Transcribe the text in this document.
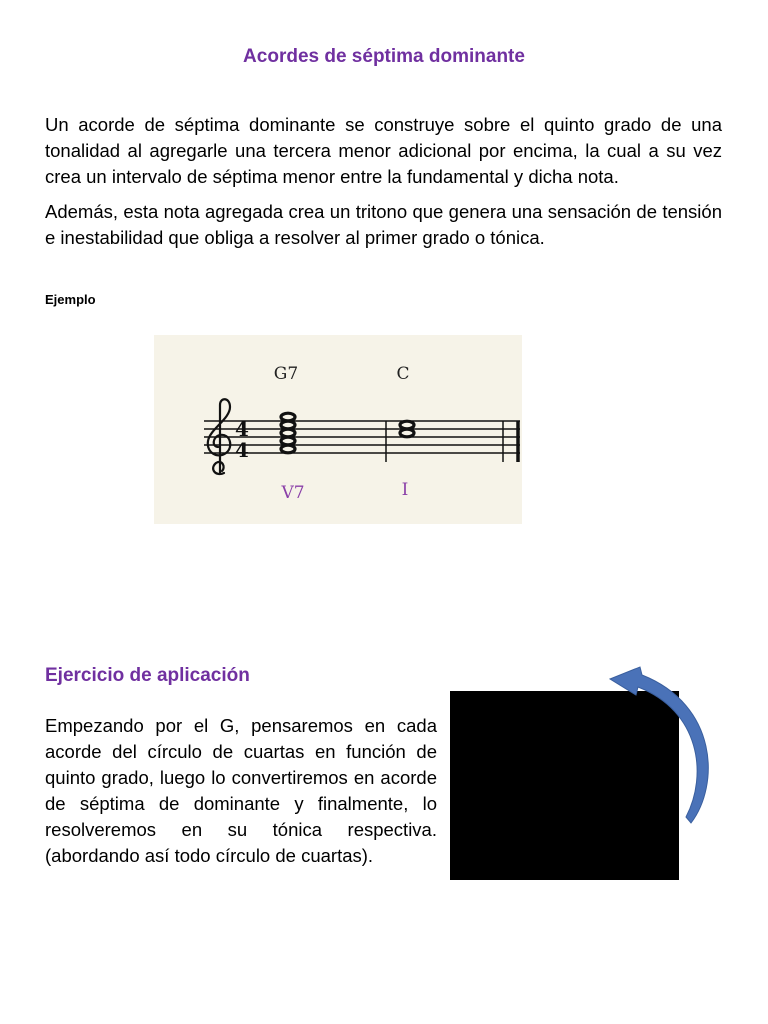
Acordes de séptima dominante

Un acorde de séptima dominante se construye sobre el quinto grado de una tonalidad al agregarle una tercera menor adicional por encima, la cual a su vez crea un intervalo de séptima menor entre la fundamental y dicha nota.

Además, esta nota agregada crea un tritono que genera una sensación de tensión e inestabilidad que obliga a resolver al primer grado o tónica.

Ejemplo
4
4
G7	C
V7	I
Ejercicio de aplicación

Empezando por el G, pensaremos en cada acorde del círculo de cuartas en función de quinto grado, luego lo convertiremos en acorde de séptima de dominante y finalmente, lo resolveremos en su tónica respectiva. (abordando así todo círculo de cuartas).
